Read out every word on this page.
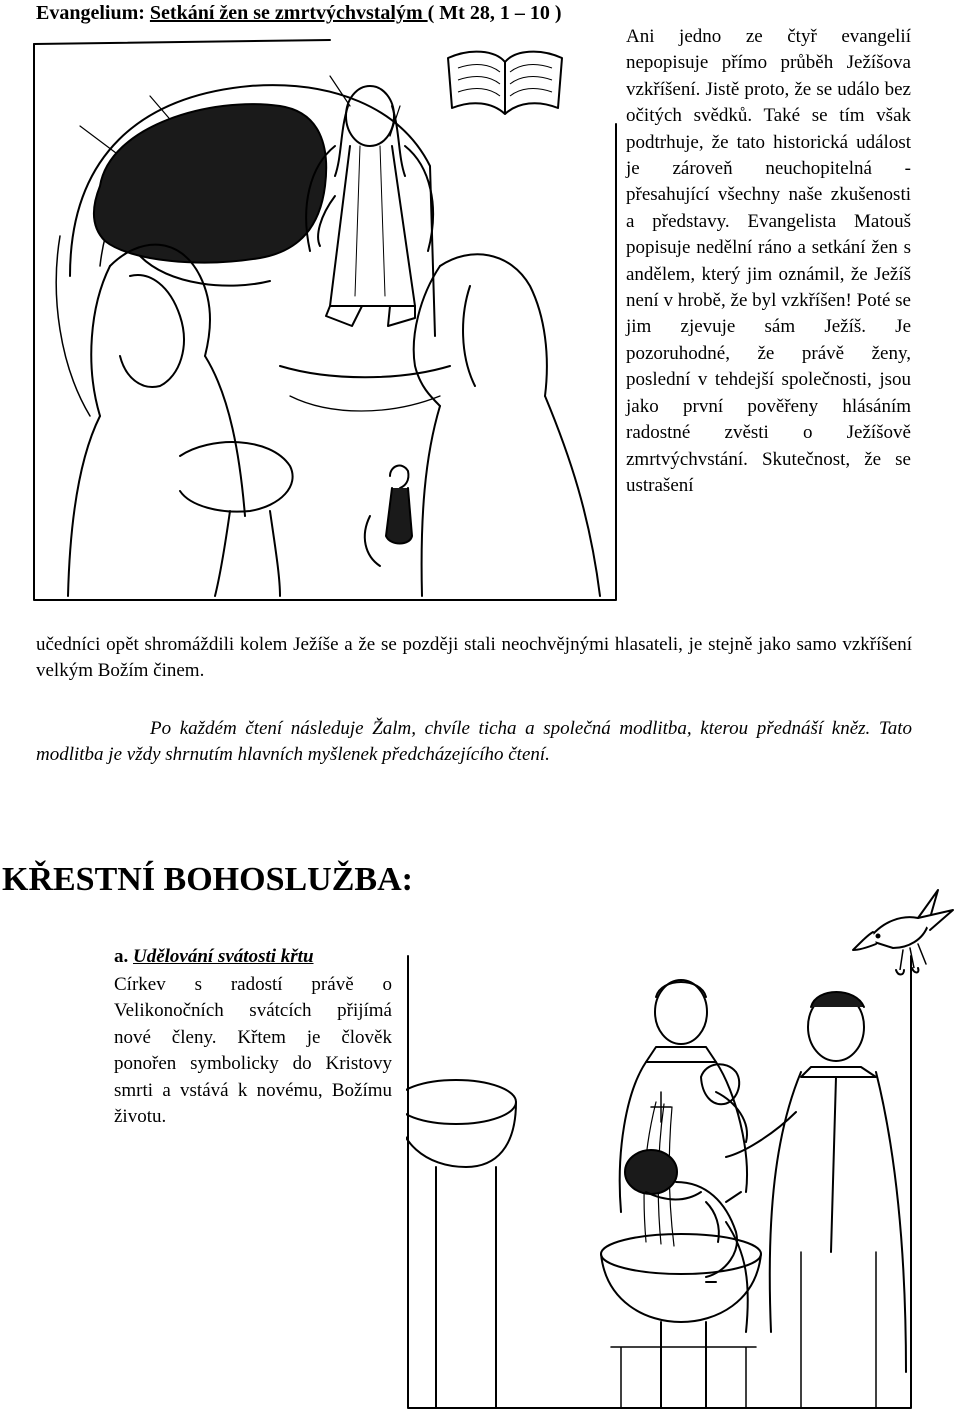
Evangelium: Setkání žen se zmrtvýchvstalým ( Mt 28, 1 – 10 )

Ani jedno ze čtyř evangelií nepopisuje přímo průběh Ježíšova vzkříšení. Jistě proto, že se událo bez očitých svědků. Také se tím však podtrhuje, že tato historická událost je zároveň neuchopitelná - přesahující všechny naše zkušenosti a představy. Evangelista Matouš popisuje nedělní ráno a setkání žen s andělem, který jim oznámil, že Ježíš není v hrobě, že byl vzkříšen! Poté se jim zjevuje sám Ježíš. Je pozoruhodné, že právě ženy, poslední v tehdejší společnosti, jsou jako první pověřeny hlásáním radostné zvěsti o Ježíšově zmrtvýchvstání. Skutečnost, že se ustrašení

učedníci opět shromáždili kolem Ježíše a že se později stali neochvějnými hlasateli, je stejně jako samo vzkříšení velkým Božím činem.

Po každém čtení následuje Žalm, chvíle ticha a společná modlitba, kterou přednáší kněz. Tato modlitba je vždy shrnutím hlavních myšlenek předcházejícího čtení.

KŘESTNÍ BOHOSLUŽBA:
a. Udělování svátosti křtu

Církev s radostí právě o Velikonočních svátcích přijímá nové členy. Křtem je člověk ponořen symbolicky do Kristovy smrti a vstává k novému, Božímu životu.
